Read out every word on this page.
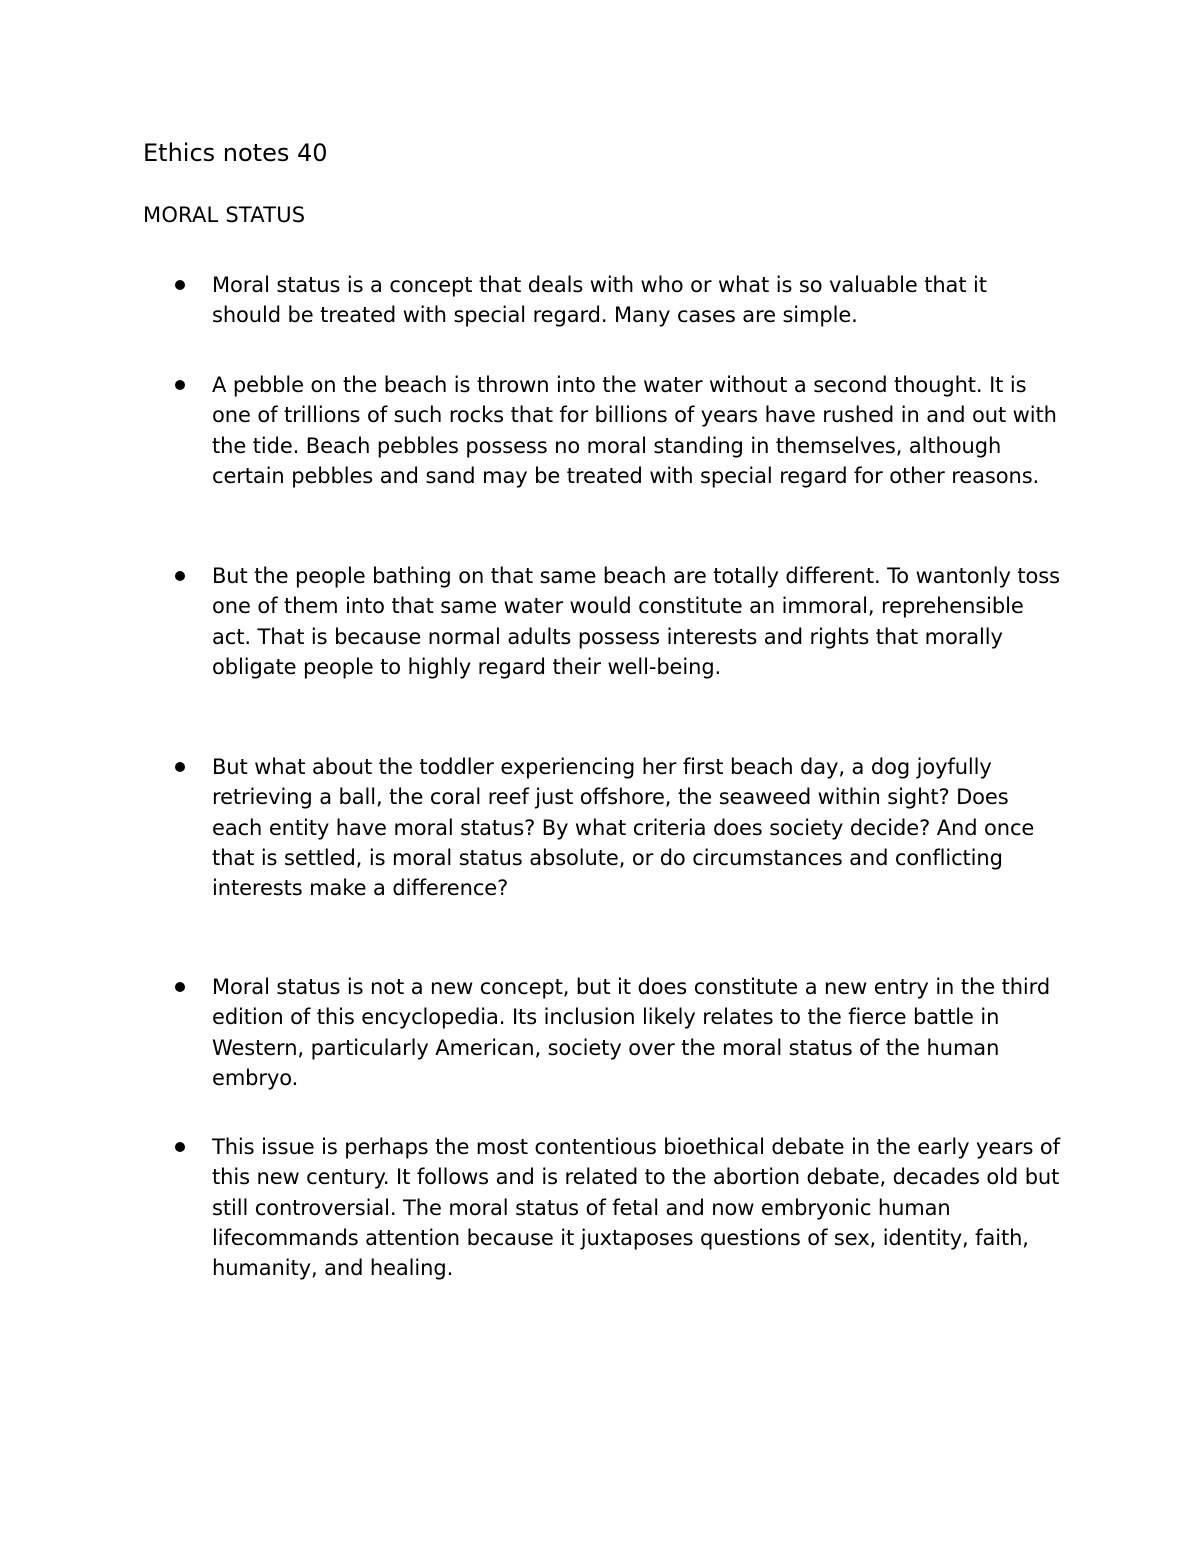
Ethics notes 40
MORAL STATUS

Moral status is a concept that deals with who or what is so valuable that it should be treated with special regard. Many cases are simple.

A pebble on the beach is thrown into the water without a second thought. It is one of trillions of such rocks that for billions of years have rushed in and out with the tide. Beach pebbles possess no moral standing in themselves, although certain pebbles and sand may be treated with special regard for other reasons.

But the people bathing on that same beach are totally different. To wantonly toss one of them into that same water would constitute an immoral, reprehensible act. That is because normal adults possess interests and rights that morally obligate people to highly regard their well-being.

But what about the toddler experiencing her first beach day, a dog joyfully retrieving a ball, the coral reef just offshore, the seaweed within sight? Does each entity have moral status? By what criteria does society decide? And once that is settled, is moral status absolute, or do circumstances and conflicting interests make a difference?

Moral status is not a new concept, but it does constitute a new entry in the third edition of this encyclopedia. Its inclusion likely relates to the fierce battle in Western, particularly American, society over the moral status of the human embryo.

This issue is perhaps the most contentious bioethical debate in the early years of this new century. It follows and is related to the abortion debate, decades old but still controversial. The moral status of fetal and now embryonic human lifecommands attention because it juxtaposes questions of sex, identity, faith, humanity, and healing.
